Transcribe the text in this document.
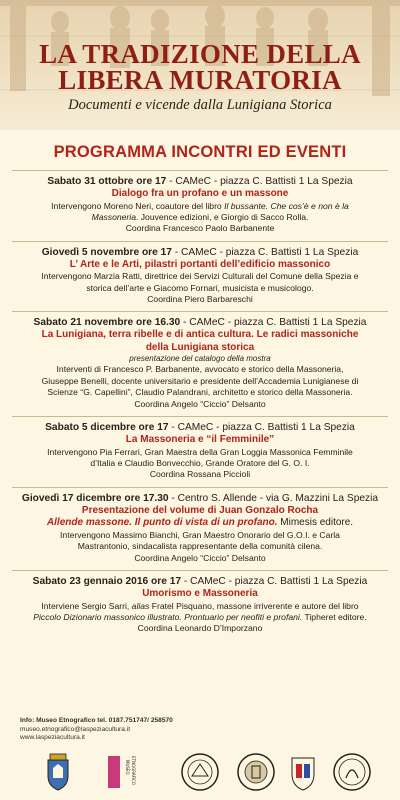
LA TRADIZIONE DELLA
LIBERA MURATORIA
Documenti e vicende dalla Lunigiana Storica
PROGRAMMA INCONTRI ED EVENTI
Sabato 31 ottobre ore 17 - CAMeC - piazza C. Battisti 1 La Spezia
Dialogo fra un profano e un massone
Intervengono Moreno Neri, coautore del libro Il bussante. Che cos’è e non è la
Massoneria. Jouvence edizioni, e Giorgio di Sacco Rolla.
Coordina Francesco Paolo Barbanente
Giovedì 5 novembre ore 17 - CAMeC - piazza C. Battisti 1 La Spezia
L’ Arte e le Arti, pilastri portanti dell’edificio massonico
Intervengono Marzia Ratti, direttrice dei Servizi Culturali del Comune della Spezia e
storica dell’arte e Giacomo Fornari, musicista e musicologo.
Coordina Piero Barbareschi
Sabato 21 novembre ore 16.30 - CAMeC - piazza C. Battisti 1 La Spezia
La Lunigiana, terra ribelle e di antica cultura. Le radici massoniche
della Lunigiana storica
presentazione del catalogo della mostra
Interventi di Francesco P. Barbanente, avvocato e storico della Massoneria,
Giuseppe Benelli, docente universitario e presidente dell’Accademia Lunigianese di
Scienze “G. Capellini”, Claudio Palandrani, architetto e storico della Massoneria.
Coordina Angelo “Ciccio” Delsanto
Sabato 5 dicembre ore 17 - CAMeC - piazza C. Battisti 1 La Spezia
La Massoneria e “il Femminile”
Intervengono Pia Ferrari, Gran Maestra della Gran Loggia Massonica Femminile
d’Italia e Claudio Bonvecchio, Grande Oratore del G. O. I.
Coordina Rossana Piccioli
Giovedì 17 dicembre ore 17.30 - Centro S. Allende - via G. Mazzini La Spezia
Presentazione del volume di Juan Gonzalo Rocha
Allende massone. Il punto di vista di un profano. Mimesis editore.
Intervengono Massimo Bianchi, Gran Maestro Onorario del G.O.I. e Carla
Mastrantonio, sindacalista rappresentante della comunità cilena.
Coordina Angelo “Ciccio” Delsanto
Sabato 23 gennaio 2016 ore 17 - CAMeC - piazza C. Battisti 1 La Spezia
Umorismo e Massoneria
Interviene Sergio Sarri, alias Fratel Pisquano, massone irriverente e autore del libro
Piccolo Dizionario massonico illustrato. Prontuario per neofiti e profani. Tipheret editore.
Coordina Leonardo D’Imporzano
Info: Museo Etnografico tel. 0187.751747/ 258570
museo.etnografico@laspeziacultura.it
www.laspeziacultura.it
MUSEO ETNOGRAFICO
